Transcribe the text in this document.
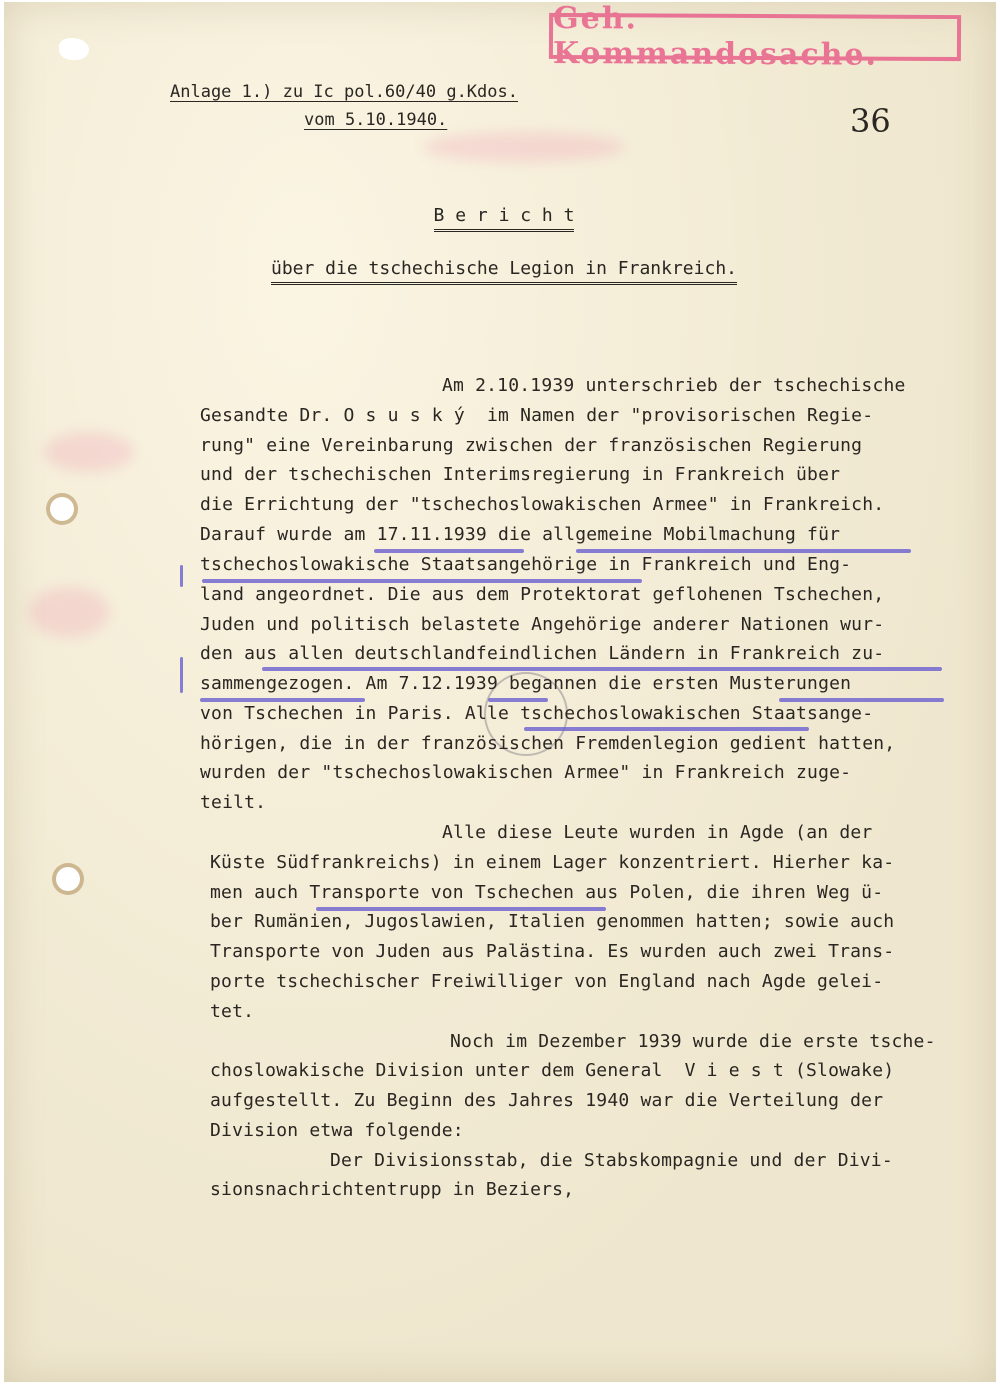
Geh. Kommandosache.
Anlage 1.) zu Ic pol.60/40 g.Kdos.
vom 5.10.1940.	36
B e r i c h t
über die tschechische Legion in Frankreich.
Am 2.10.1939 unterschrieb der tschechische
Gesandte Dr. O s u s k ý  im Namen der "provisorischen Regie-
rung" eine Vereinbarung zwischen der französischen Regierung
und der tschechischen Interimsregierung in Frankreich über
die Errichtung der "tschechoslowakischen Armee" in Frankreich.
Darauf wurde am 17.11.1939 die allgemeine Mobilmachung für
tschechoslowakische Staatsangehörige in Frankreich und Eng-
land angeordnet. Die aus dem Protektorat geflohenen Tschechen,
Juden und politisch belastete Angehörige anderer Nationen wur-
den aus allen deutschlandfeindlichen Ländern in Frankreich zu-
sammengezogen. Am 7.12.1939 begannen die ersten Musterungen
von Tschechen in Paris. Alle tschechoslowakischen Staatsange-
hörigen, die in der französischen Fremdenlegion gedient hatten,
wurden der "tschechoslowakischen Armee" in Frankreich zuge-
teilt.
Alle diese Leute wurden in Agde (an der
Küste Südfrankreichs) in einem Lager konzentriert. Hierher ka-
men auch Transporte von Tschechen aus Polen, die ihren Weg ü-
ber Rumänien, Jugoslawien, Italien genommen hatten; sowie auch
Transporte von Juden aus Palästina. Es wurden auch zwei Trans-
porte tschechischer Freiwilliger von England nach Agde gelei-
tet.
Noch im Dezember 1939 wurde die erste tsche-
choslowakische Division unter dem General  V i e s t (Slowake)
aufgestellt. Zu Beginn des Jahres 1940 war die Verteilung der
Division etwa folgende:
Der Divisionsstab, die Stabskompagnie und der Divi-
sionsnachrichtentrupp in Beziers,
